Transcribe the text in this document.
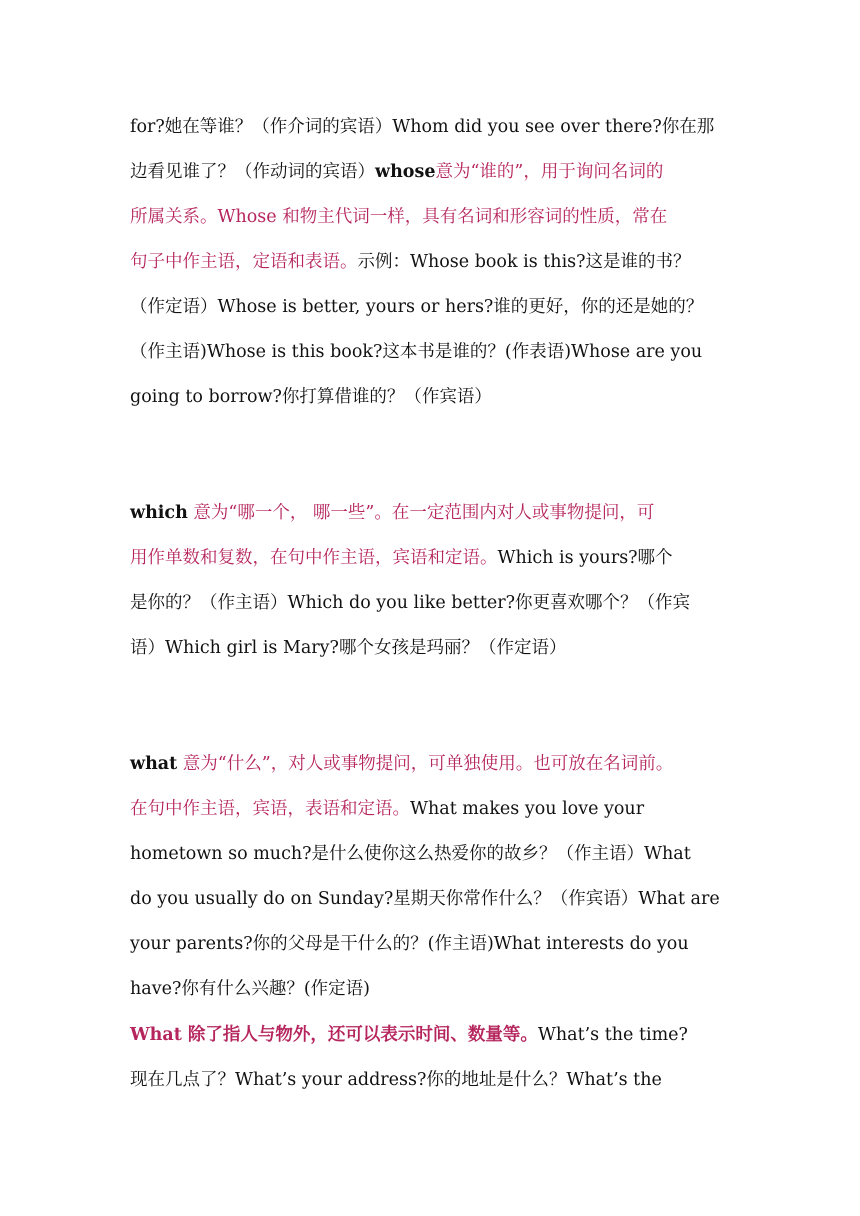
for?她在等谁？（作介词的宾语）Whom did you see over there?你在那
边看见谁了？（作动词的宾语）whose意为“谁的”，用于询问名词的
所属关系。Whose 和物主代词一样，具有名词和形容词的性质，常在
句子中作主语，定语和表语。示例：Whose book is this?这是谁的书？
（作定语）Whose is better, yours or hers?谁的更好，你的还是她的？
（作主语)Whose is this book?这本书是谁的？(作表语)Whose are you
going to borrow?你打算借谁的？（作宾语）
which 意为“哪一个， 哪一些”。在一定范围内对人或事物提问，可
用作单数和复数，在句中作主语，宾语和定语。Which is yours?哪个
是你的？（作主语）Which do you like better?你更喜欢哪个？（作宾
语）Which girl is Mary?哪个女孩是玛丽？（作定语）
what 意为“什么”，对人或事物提问，可单独使用。也可放在名词前。
在句中作主语，宾语，表语和定语。What makes you love your
hometown so much?是什么使你这么热爱你的故乡？（作主语）What
do you usually do on Sunday?星期天你常作什么？（作宾语）What are
your parents?你的父母是干什么的？(作主语)What interests do you
have?你有什么兴趣？(作定语)
What 除了指人与物外，还可以表示时间、数量等。What’s the time?
现在几点了？What’s your address?你的地址是什么？What’s the
